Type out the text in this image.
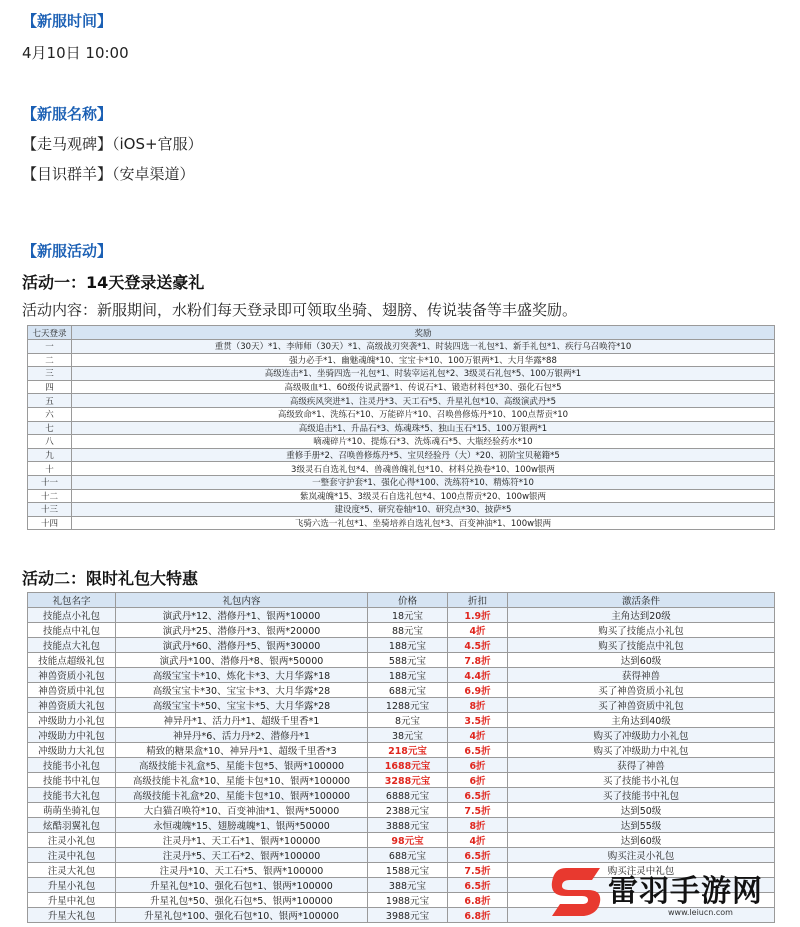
【新服时间】
4月10日 10:00
【新服名称】
【走马观碑】（iOS+官服）
【目识群羊】（安卓渠道）
【新服活动】
活动一：14天登录送豪礼
活动内容：新服期间，水粉们每天登录即可领取坐骑、翅膀、传说装备等丰盛奖励。
七天登录	奖励
一	重贯（30天）*1、李师师（30天）*1、高级战刃突袭*1、时装四选一礼包*1、新手礼包*1、疾行乌召唤符*10
二	强力必手*1、幽魅魂魄*10、宝宝卡*10、100万银两*1、大月华露*88
三	高级连击*1、坐骑四选一礼包*1、时装宰运礼包*2、3级灵石礼包*5、100万银两*1
四	高级吸血*1、60级传说武器*1、传说石*1、锻造材料包*30、强化石包*5
五	高级疾风突进*1、注灵丹*3、天工石*5、升星礼包*10、高级演武丹*5
六	高级致命*1、洗练石*10、万能碎片*10、召唤兽修炼丹*10、100点帮贡*10
七	高级追击*1、升品石*3、炼魂珠*5、独山玉石*15、100万银两*1
八	嘀魂碎片*10、提炼石*3、洗炼魂石*5、大瓶经验药水*10
九	重修手册*2、召唤兽修炼丹*5、宝贝经验丹（大）*20、初阶宝贝秘籍*5
十	3级灵石自选礼包*4、兽魂兽魄礼包*10、材料兑换卷*10、100w银两
十一	一整套守护套*1、强化心得*100、洗练符*10、精炼符*10
十二	紫岚魂魄*15、3级灵石自选礼包*4、100点帮贡*20、100w银两
十三	建设度*5、研究卷轴*10、研究点*30、披萨*5
十四	飞骑六选一礼包*1、坐骑培养自选礼包*3、百变神油*1、100w银两
活动二：限时礼包大特惠
礼包名字	礼包内容	价格	折扣	激活条件
技能点小礼包	演武丹*12、潜修丹*1、银两*10000	18元宝	1.9折	主角达到20级
技能点中礼包	演武丹*25、潜修丹*3、银两*20000	88元宝	4折	购买了技能点小礼包
技能点大礼包	演武丹*60、潜修丹*5、银两*30000	188元宝	4.5折	购买了技能点中礼包
技能点超级礼包	演武丹*100、潜修丹*8、银两*50000	588元宝	7.8折	达到60级
神兽资质小礼包	高级宝宝卡*10、炼化卡*3、大月华露*18	188元宝	4.4折	获得神兽
神兽资质中礼包	高级宝宝卡*30、宝宝卡*3、大月华露*28	688元宝	6.9折	买了神兽资质小礼包
神兽资质大礼包	高级宝宝卡*50、宝宝卡*5、大月华露*28	1288元宝	8折	买了神兽资质中礼包
冲级助力小礼包	神异丹*1、活力丹*1、超级千里香*1	8元宝	3.5折	主角达到40级
冲级助力中礼包	神异丹*6、活力丹*2、潜修丹*1	38元宝	4折	购买了冲级助力小礼包
冲级助力大礼包	精致的糖果盒*10、神异丹*1、超级千里香*3	218元宝	6.5折	购买了冲级助力中礼包
技能书小礼包	高级技能卡礼盒*5、星能卡包*5、银两*100000	1688元宝	6折	获得了神兽
技能书中礼包	高级技能卡礼盒*10、星能卡包*10、银两*100000	3288元宝	6折	买了技能书小礼包
技能书大礼包	高级技能卡礼盒*20、星能卡包*10、银两*100000	6888元宝	6.5折	买了技能书中礼包
萌萌坐骑礼包	大白猫召唤符*10、百变神油*1、银两*50000	2388元宝	7.5折	达到50级
炫酷羽翼礼包	永恒魂魄*15、翅膀魂魄*1、银两*50000	3888元宝	8折	达到55级
注灵小礼包	注灵丹*1、天工石*1、银两*100000	98元宝	4折	达到60级
注灵中礼包	注灵丹*5、天工石*2、银两*100000	688元宝	6.5折	购买注灵小礼包
注灵大礼包	注灵丹*10、天工石*5、银两*100000	1588元宝	7.5折	购买注灵中礼包
升星小礼包	升星礼包*10、强化石包*1、银两*100000	388元宝	6.5折	
升星中礼包	升星礼包*50、强化石包*5、银两*100000	1988元宝	6.8折	
升星大礼包	升星礼包*100、强化石包*10、银两*100000	3988元宝	6.8折	
雷羽手游网
www.leiucn.com
